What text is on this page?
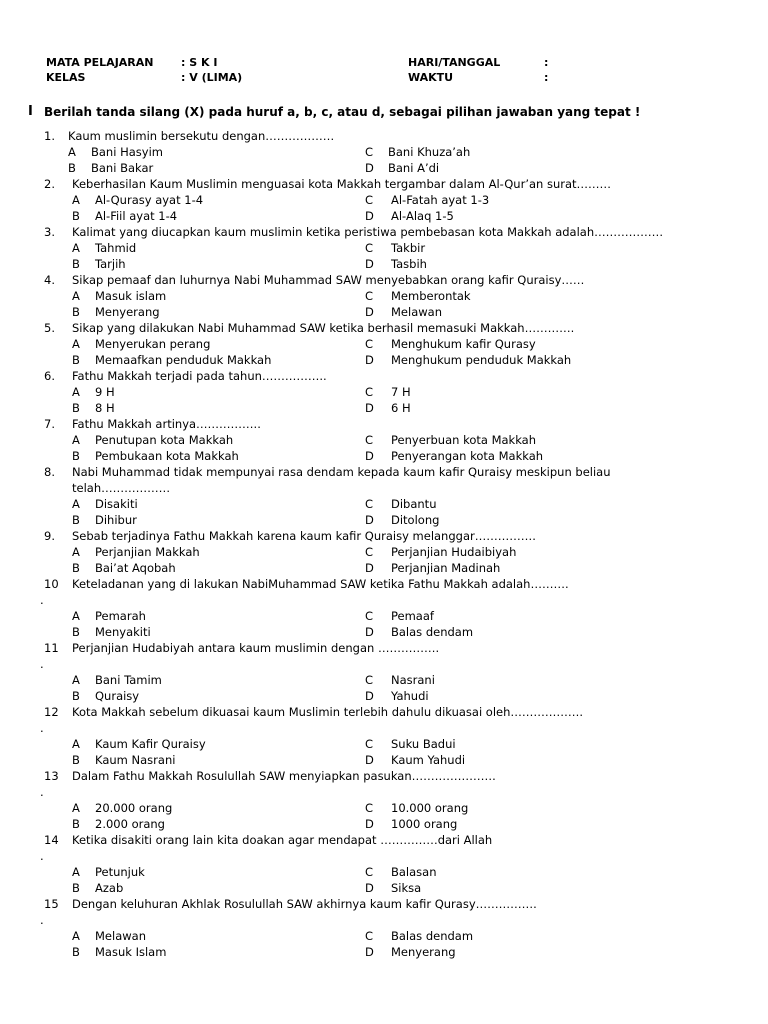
MATA PELAJARAN	: S K I	HARI/TANGGAL	:
KELAS	: V (LIMA)	WAKTU	:
I Berilah tanda silang (X) pada huruf a, b, c, atau d, sebagai pilihan jawaban yang tepat !
1.	Kaum muslimin bersekutu dengan………………
A Bani Hasyim	C Bani Khuza’ah
B Bani Bakar	D Bani A’di
2.	Keberhasilan Kaum Muslimin menguasai kota Makkah tergambar dalam Al-Qur’an surat………
A Al-Qurasy ayat 1-4	C Al-Fatah ayat 1-3
B Al-Fiil ayat 1-4	D Al-Alaq 1-5
3.	Kalimat yang diucapkan kaum muslimin ketika peristiwa pembebasan kota Makkah adalah………………
A Tahmid	C Takbir
B Tarjih	D Tasbih
4.	Sikap pemaaf dan luhurnya Nabi Muhammad SAW menyebabkan orang kafir Quraisy……
A Masuk islam	C Memberontak
B Menyerang	D Melawan
5.	Sikap yang dilakukan Nabi Muhammad SAW ketika berhasil memasuki Makkah………….
A Menyerukan perang	C Menghukum kafir Qurasy
B Memaafkan penduduk Makkah	D Menghukum penduduk Makkah
6.	Fathu Makkah terjadi pada tahun……………..
A 9 H	C 7 H
B 8 H	D 6 H
7.	Fathu Makkah artinya……………..
A Penutupan kota Makkah	C Penyerbuan kota Makkah
B Pembukaan kota Makkah	D Penyerangan kota Makkah
8.	Nabi Muhammad tidak mempunyai rasa dendam kepada kaum kafir Quraisy meskipun beliau
telah………………
A Disakiti	C Dibantu
B Dihibur	D Ditolong
9.	Sebab terjadinya Fathu Makkah karena kaum kafir Quraisy melanggar…………….
A Perjanjian Makkah	C Perjanjian Hudaibiyah
B Bai’at Aqobah	D Perjanjian Madinah
10	Keteladanan yang di lakukan NabiMuhammad SAW ketika Fathu Makkah adalah……….
.
A Pemarah	C Pemaaf
B Menyakiti	D Balas dendam
11	Perjanjian Hudabiyah antara kaum muslimin dengan …………….
.
A Bani Tamim	C Nasrani
B Quraisy	D Yahudi
12	Kota Makkah sebelum dikuasai kaum Muslimin terlebih dahulu dikuasai oleh……………….
.
A Kaum Kafir Quraisy	C Suku Badui
B Kaum Nasrani	D Kaum Yahudi
13	Dalam Fathu Makkah Rosulullah SAW menyiapkan pasukan………………….
.
A 20.000 orang	C 10.000 orang
B 2.000 orang	D 1000 orang
14	Ketika disakiti orang lain kita doakan agar mendapat ……………dari Allah
.
A Petunjuk	C Balasan
B Azab	D Siksa
15	Dengan keluhuran Akhlak Rosulullah SAW akhirnya kaum kafir Qurasy…………….
.
A Melawan	C Balas dendam
B Masuk Islam	D Menyerang
